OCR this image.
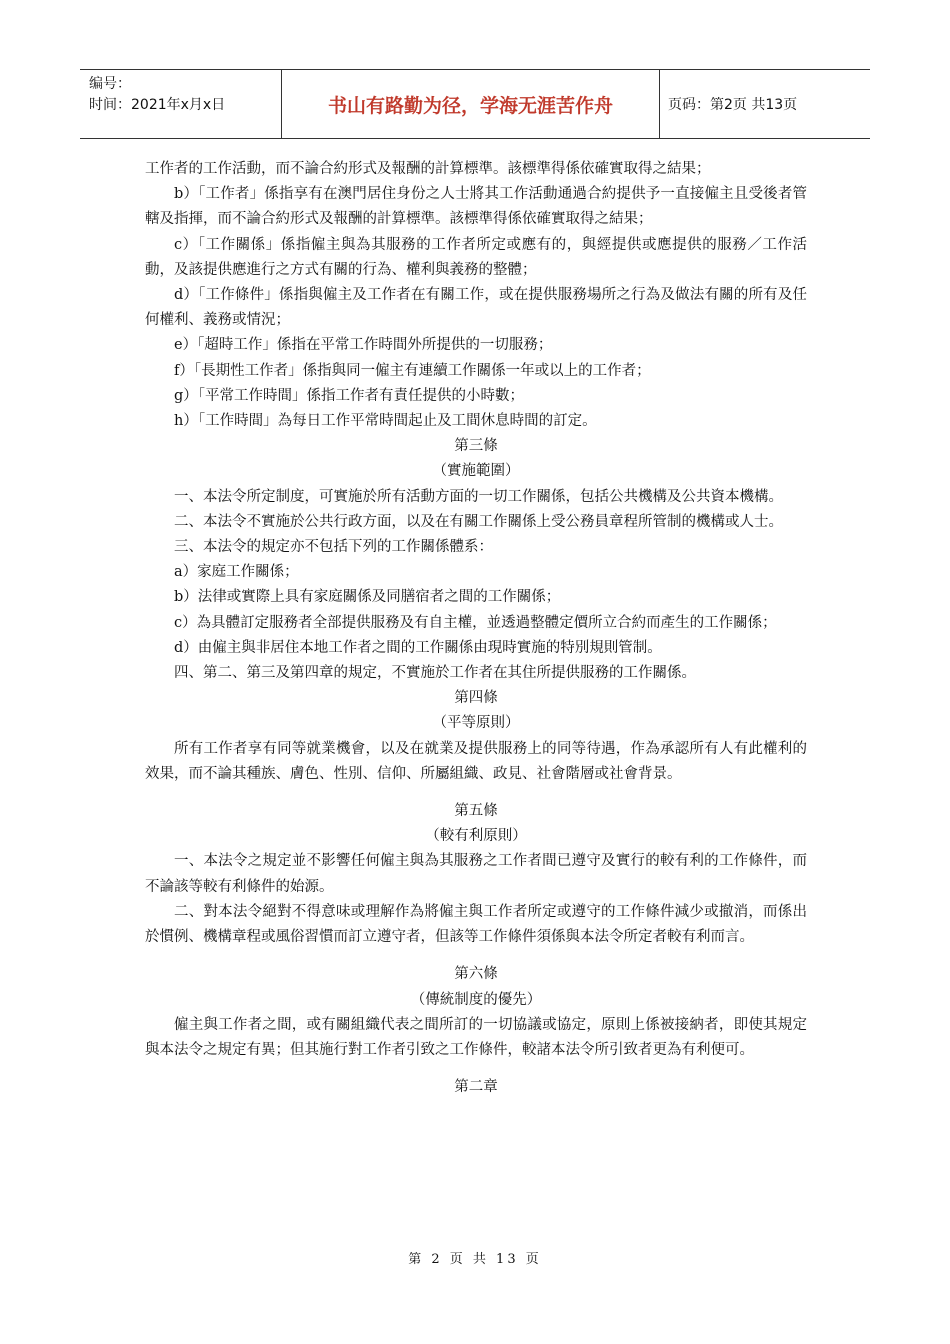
编号：
时间：2021年x月x日	书山有路勤为径，学海无涯苦作舟	页码：第2页 共13页

工作者的工作活動，而不論合約形式及報酬的計算標準。該標準得係依確實取得之結果；

b）「工作者」係指享有在澳門居住身份之人士將其工作活動通過合約提供予一直接僱主且受後者管轄及指揮，而不論合約形式及報酬的計算標準。該標準得係依確實取得之結果；

c）「工作關係」係指僱主與為其服務的工作者所定或應有的，與經提供或應提供的服務／工作活動，及該提供應進行之方式有關的行為、權利與義務的整體；

d）「工作條件」係指與僱主及工作者在有關工作，或在提供服務場所之行為及做法有關的所有及任何權利、義務或情況；

e）「超時工作」係指在平常工作時間外所提供的一切服務；

f）「長期性工作者」係指與同一僱主有連續工作關係一年或以上的工作者；

g）「平常工作時間」係指工作者有責任提供的小時數；

h）「工作時間」為每日工作平常時間起止及工間休息時間的訂定。

第三條

（實施範圍）

一、本法令所定制度，可實施於所有活動方面的一切工作關係，包括公共機構及公共資本機構。

二、本法令不實施於公共行政方面，以及在有關工作關係上受公務員章程所管制的機構或人士。

三、本法令的規定亦不包括下列的工作關係體系：

a）家庭工作關係；

b）法律或實際上具有家庭關係及同膳宿者之間的工作關係；

c）為具體訂定服務者全部提供服務及有自主權，並透過整體定價所立合約而產生的工作關係；

d）由僱主與非居住本地工作者之間的工作關係由現時實施的特別規則管制。

四、第二、第三及第四章的規定，不實施於工作者在其住所提供服務的工作關係。

第四條

（平等原則）

所有工作者享有同等就業機會，以及在就業及提供服務上的同等待遇，作為承認所有人有此權利的效果，而不論其種族、膚色、性別、信仰、所屬組織、政見、社會階層或社會背景。

第五條

（較有利原則）

一、本法令之規定並不影響任何僱主與為其服務之工作者間已遵守及實行的較有利的工作條件，而不論該等較有利條件的始源。

二、對本法令絕對不得意味或理解作為將僱主與工作者所定或遵守的工作條件減少或撤消，而係出於慣例、機構章程或風俗習慣而訂立遵守者，但該等工作條件須係與本法令所定者較有利而言。

第六條

（傳統制度的優先）

僱主與工作者之間，或有關組織代表之間所訂的一切協議或協定，原則上係被接納者，即使其規定與本法令之規定有異；但其施行對工作者引致之工作條件，較諸本法令所引致者更為有利便可。

第二章

第 2 页 共 13 页
